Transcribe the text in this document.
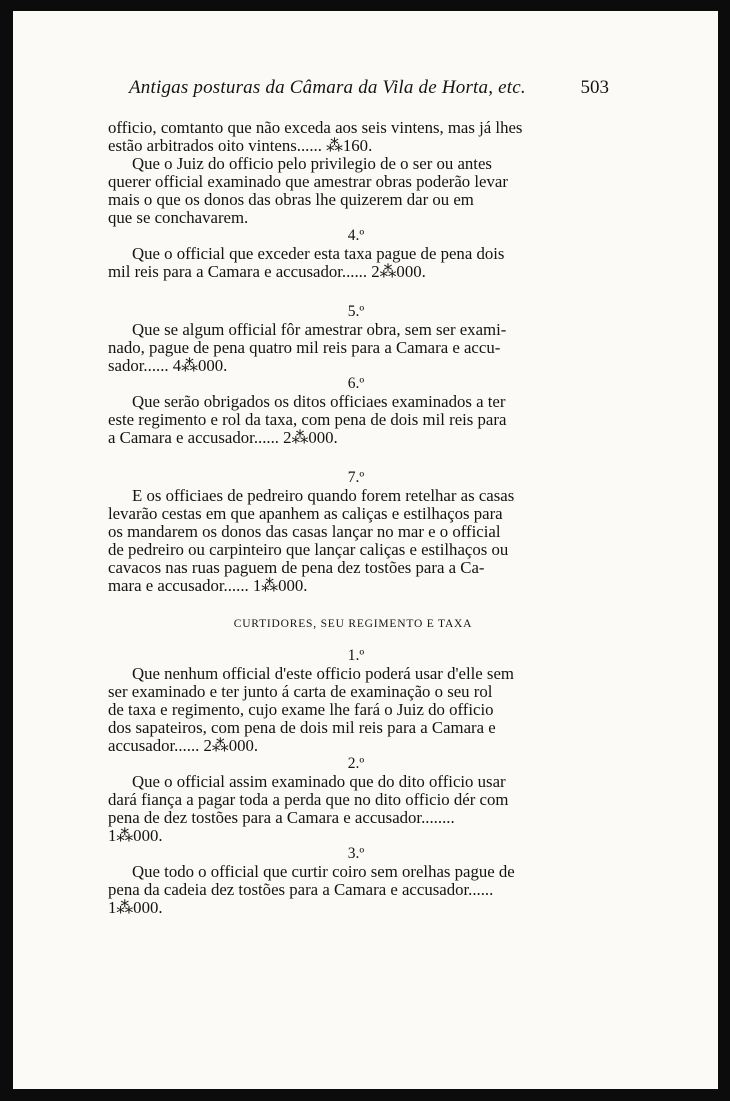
Antigas posturas da Câmara da Vila de Horta, etc.	503

officio, comtanto que não exceda aos seis vintens, mas já lhes
estão arbitrados oito vintens...... ⁂160.

Que o Juiz do officio pelo privilegio de o ser ou antes
querer official examinado que amestrar obras poderão levar
mais o que os donos das obras lhe quizerem dar ou em
que se conchavarem.

4.º

Que o official que exceder esta taxa pague de pena dois
mil reis para a Camara e accusador...... 2⁂000.

5.º

Que se algum official fôr amestrar obra, sem ser exami-
nado, pague de pena quatro mil reis para a Camara e accu-
sador...... 4⁂000.

6.º

Que serão obrigados os ditos officiaes examinados a ter
este regimento e rol da taxa, com pena de dois mil reis para
a Camara e accusador...... 2⁂000.

7.º

E os officiaes de pedreiro quando forem retelhar as casas
levarão cestas em que apanhem as caliças e estilhaços para
os mandarem os donos das casas lançar no mar e o official
de pedreiro ou carpinteiro que lançar caliças e estilhaços ou
cavacos nas ruas paguem de pena dez tostões para a Ca-
mara e accusador...... 1⁂000.

CURTIDORES, SEU REGIMENTO E TAXA
1.º

Que nenhum official d'este officio poderá usar d'elle sem
ser examinado e ter junto á carta de examinação o seu rol
de taxa e regimento, cujo exame lhe fará o Juiz do officio
dos sapateiros, com pena de dois mil reis para a Camara e
accusador...... 2⁂000.

2.º

Que o official assim examinado que do dito officio usar
dará fiança a pagar toda a perda que no dito officio dér com
pena de dez tostões para a Camara e accusador........
1⁂000.

3.º

Que todo o official que curtir coiro sem orelhas pague de
pena da cadeia dez tostões para a Camara e accusador......
1⁂000.
